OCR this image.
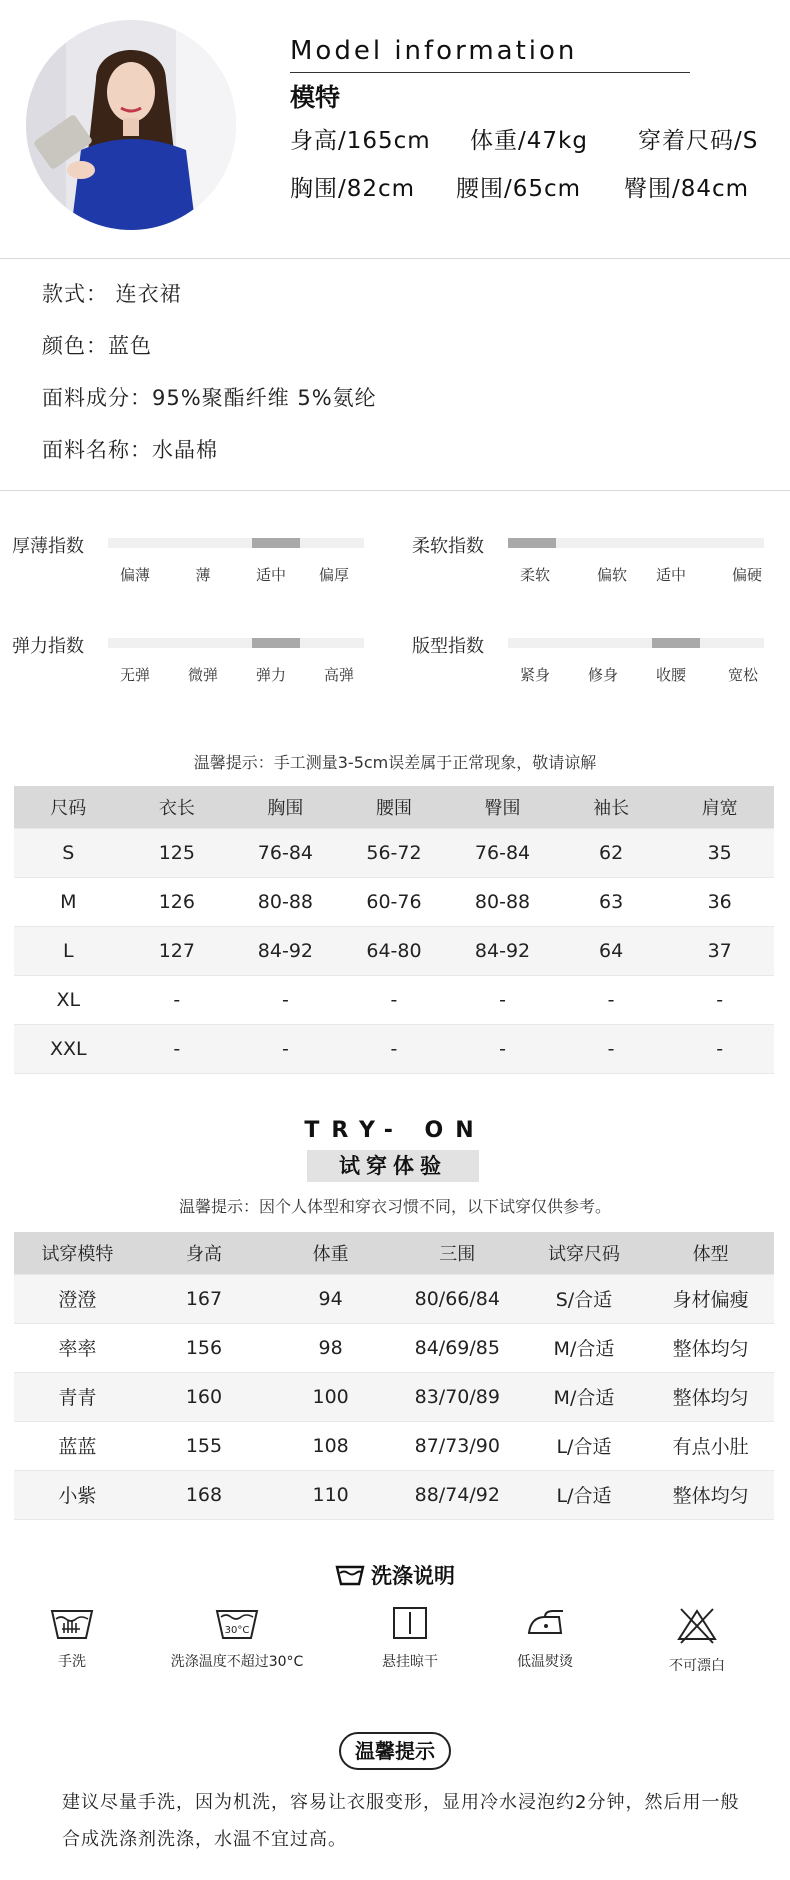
Model information
模特
身高/165cm 体重/47kg 穿着尺码/S
胸围/82cm 腰围/65cm 臀围/84cm
款式： 连衣裙
颜色：蓝色
面料成分：95%聚酯纤维 5%氨纶
面料名称：水晶棉
厚薄指数
偏薄	薄	适中 偏厚
柔软指数
柔软	偏软 适中	偏硬
弹力指数
无弹	微弹	弹力	高弹
版型指数
紧身	修身	收腰	宽松
温馨提示：手工测量3-5cm误差属于正常现象，敬请谅解
尺码	衣长	胸围	腰围	臀围	袖长	肩宽
S	125	76-84	56-72	76-84	62	35
M	126	80-88	60-76	80-88	63	36
L	127	84-92	64-80	84-92	64	37
XL	-	-	-	-	-	-
XXL	-	-	-	-	-	-
TRY- ON
试穿体验
温馨提示：因个人体型和穿衣习惯不同，以下试穿仅供参考。
试穿模特	身高	体重	三围	试穿尺码	体型
澄澄	167	94	80/66/84	S/合适	身材偏瘦
率率	156	98	84/69/85	M/合适	整体均匀
青青	160	100	83/70/89	M/合适	整体均匀
蓝蓝	155	108	87/73/90	L/合适	有点小肚
小紫	168	110	88/74/92	L/合适	整体均匀
洗涤说明
手洗
30°C
洗涤温度不超过30°C	悬挂晾干	低温熨烫	不可漂白
温馨提示
建议尽量手洗，因为机洗，容易让衣服变形，显用冷水浸泡约2分钟，然后用一般合成洗涤剂洗涤，水温不宜过高。
